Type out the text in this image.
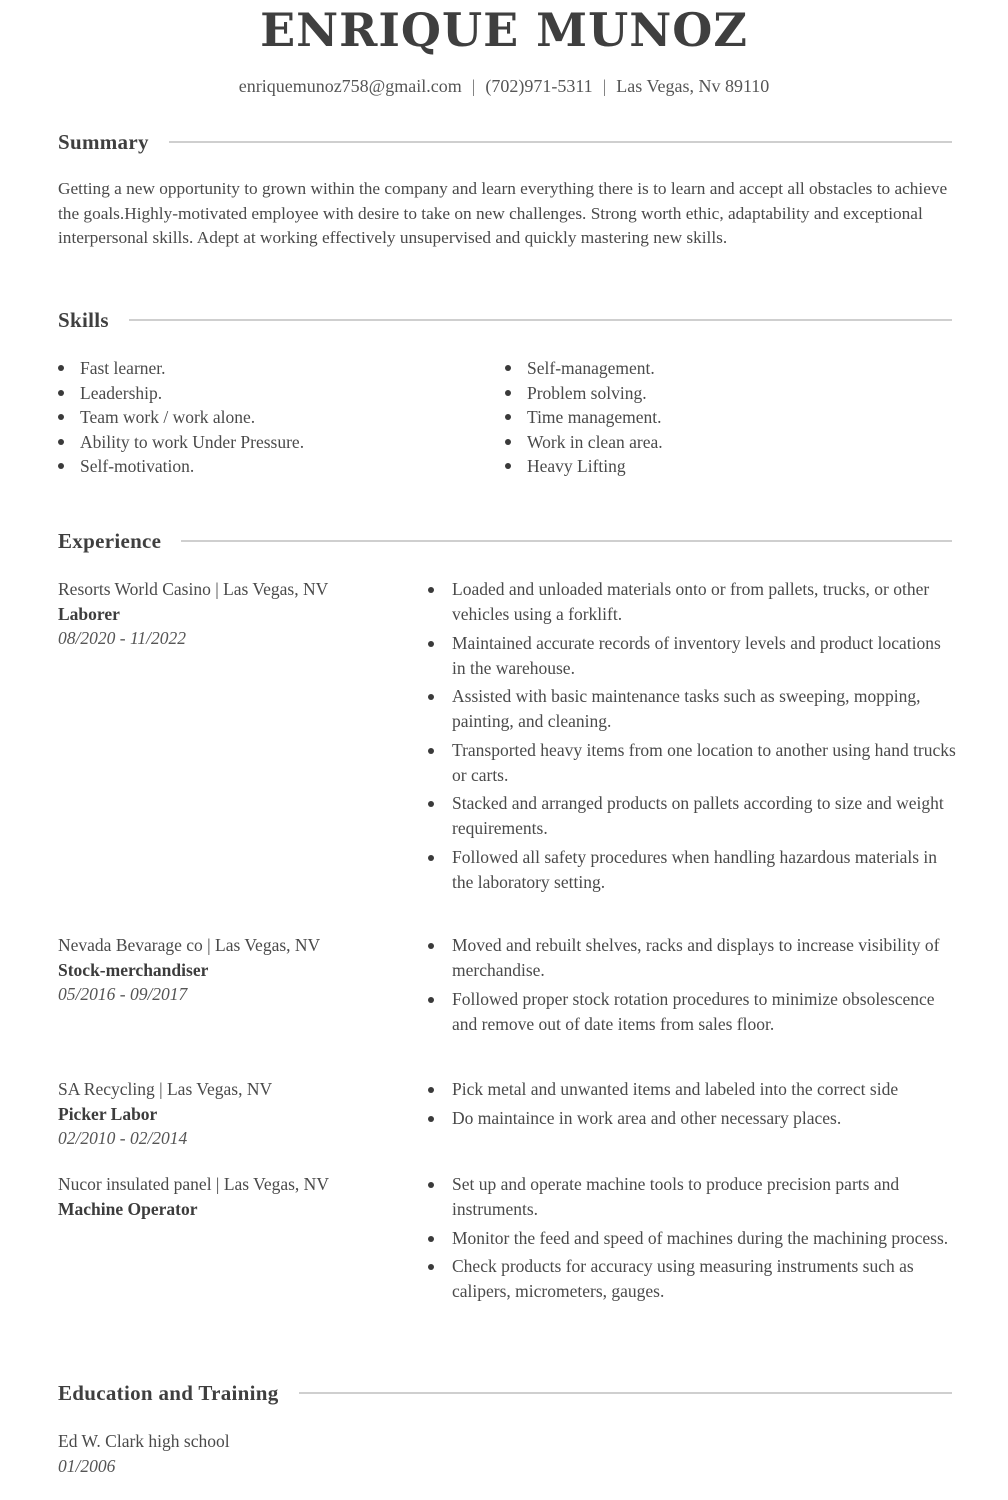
ENRIQUE MUNOZ
enriquemunoz758@gmail.com | (702)971-5311 | Las Vegas, Nv 89110
Summary

Getting a new opportunity to grown within the company and learn everything there is to learn and accept all obstacles to achieve the goals.Highly-motivated employee with desire to take on new challenges. Strong worth ethic, adaptability and exceptional interpersonal skills. Adept at working effectively unsupervised and quickly mastering new skills.

Skills
Fast learner.
Leadership.
Team work / work alone.
Ability to work Under Pressure.
Self-motivation.
Self-management.
Problem solving.
Time management.
Work in clean area.
Heavy Lifting
Experience
Resorts World Casino | Las Vegas, NV
Laborer
08/2020 - 11/2022
Loaded and unloaded materials onto or from pallets, trucks, or other vehicles using a forklift.
Maintained accurate records of inventory levels and product locations in the warehouse.
Assisted with basic maintenance tasks such as sweeping, mopping, painting, and cleaning.
Transported heavy items from one location to another using hand trucks or carts.
Stacked and arranged products on pallets according to size and weight requirements.
Followed all safety procedures when handling hazardous materials in the laboratory setting.
Nevada Bevarage co | Las Vegas, NV
Stock-merchandiser
05/2016 - 09/2017
Moved and rebuilt shelves, racks and displays to increase visibility of merchandise.
Followed proper stock rotation procedures to minimize obsolescence and remove out of date items from sales floor.
SA Recycling | Las Vegas, NV
Picker Labor
02/2010 - 02/2014
Pick metal and unwanted items and labeled into the correct side
Do maintaince in work area and other necessary places.
Nucor insulated panel | Las Vegas, NV
Machine Operator
Set up and operate machine tools to produce precision parts and instruments.
Monitor the feed and speed of machines during the machining process.
Check products for accuracy using measuring instruments such as calipers, micrometers, gauges.
Education and Training
Ed W. Clark high school
01/2006
